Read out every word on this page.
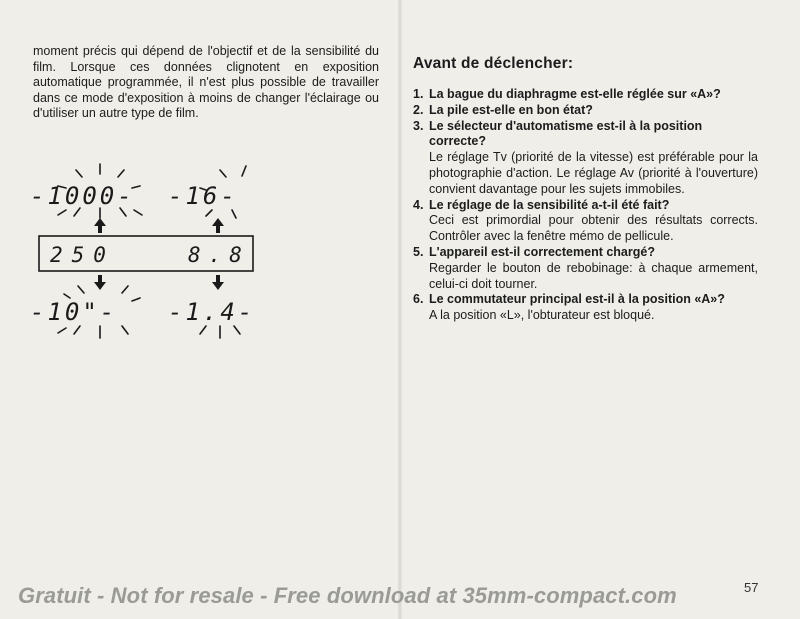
moment précis qui dépend de l'objectif et de la sensibilité du film. Lorsque ces données clignotent en exposition automatique programmée, il n'est plus possible de travailler dans ce mode d'exposition à moins de changer l'éclairage ou d'utiliser un autre type de film.

-1000- -16-
250	8.8
-10"- -1.4-
Avant de déclencher:
1. La bague du diaphragme est-elle réglée sur «A»?
2. La pile est-elle en bon état?
3. Le sélecteur d'automatisme est-il à la position correcte?
Le réglage Tv (priorité de la vitesse) est préférable pour la photographie d'action. Le réglage Av (priorité à l'ouverture) convient davantage pour les sujets immobiles.
4. Le réglage de la sensibilité a-t-il été fait?
Ceci est primordial pour obtenir des résultats corrects. Contrôler avec la fenêtre mémo de pellicule.
5. L'appareil est-il correctement chargé?
Regarder le bouton de rebobinage: à chaque armement, celui-ci doit tourner.
6. Le commutateur principal est-il à la position «A»?
A la position «L», l'obturateur est bloqué.
Gratuit - Not for resale - Free download at 35mm-compact.com	57
